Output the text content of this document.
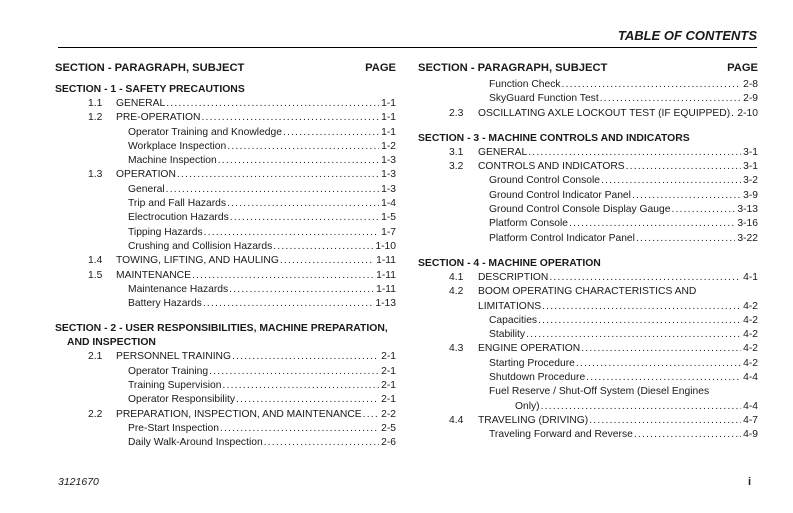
TABLE OF CONTENTS
SECTION - PARAGRAPH, SUBJECT	PAGE
SECTION - 1 - SAFETY PRECAUTIONS
1.1 GENERAL .....	1-1
1.2 PRE-OPERATION .....	1-1
Operator Training and Knowledge .....	1-1
Workplace Inspection .....	1-2
Machine Inspection .....	1-3
1.3 OPERATION .....	1-3
General .....	1-3
Trip and Fall Hazards .....	1-4
Electrocution Hazards .....	1-5
Tipping Hazards .....	1-7
Crushing and Collision Hazards .....	1-10
1.4 TOWING, LIFTING, AND HAULING .....	1-11
1.5 MAINTENANCE .....	1-11
Maintenance Hazards .....	1-11
Battery Hazards .....	1-13
SECTION - 2 - USER RESPONSIBILITIES, MACHINE PREPARATION,
AND INSPECTION
2.1 PERSONNEL TRAINING .....	2-1
Operator Training .....	2-1
Training Supervision .....	2-1
Operator Responsibility .....	2-1
2.2 PREPARATION, INSPECTION, AND MAINTENANCE ..... 2-2
Pre-Start Inspection .....	2-5
Daily Walk-Around Inspection .....	2-6
SECTION - PARAGRAPH, SUBJECT	PAGE
Function Check .....	2-8
SkyGuard Function Test .....	2-9
2.3 OSCILLATING AXLE LOCKOUT TEST (IF EQUIPPED) ..... 2-10
SECTION - 3 - MACHINE CONTROLS AND INDICATORS
3.1 GENERAL .....	3-1
3.2 CONTROLS AND INDICATORS .....	3-1
Ground Control Console .....	3-2
Ground Control Indicator Panel .....	3-9
Ground Control Console Display Gauge .....	3-13
Platform Console .....	3-16
Platform Control Indicator Panel .....	3-22
SECTION - 4 - MACHINE OPERATION
4.1 DESCRIPTION .....	4-1
4.2 BOOM OPERATING CHARACTERISTICS AND
LIMITATIONS .....	4-2
Capacities .....	4-2
Stability .....	4-2
4.3 ENGINE OPERATION .....	4-2
Starting Procedure .....	4-2
Shutdown Procedure .....	4-4
Fuel Reserve / Shut-Off System (Diesel Engines
Only) .....	4-4
4.4 TRAVELING (DRIVING) .....	4-7
Traveling Forward and Reverse .....	4-9
3121670	i
